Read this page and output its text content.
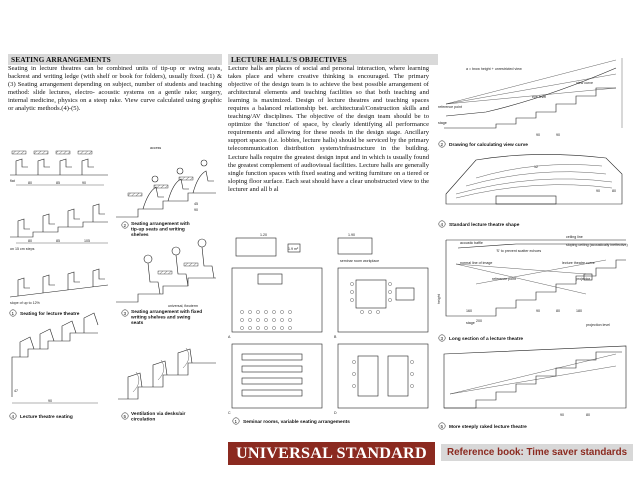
SEATING ARRANGEMENTS	LECTURE HALL'S OBJECTIVES
Seating in lecture theatres can be combined units of tip-up or swing seats, backrest and writing ledge (with shelf or book for folders), usually fixed. (1) & (3) Seating arrangement depending on subject, number of students and teaching method: slide lectures, electro- acoustic systems on a gentle rake; surgery, internal medicine, physics on a steep rake. View curve calculated using graphic or analytic methods.(4)-(5).
Lecture halls are places of social and personal interaction, where learning takes place and where creative thinking is encouraged. The primary objective of the design team is to achieve the best possible arrangement of architectural elements and teaching facilities so that both teaching and learning is maximized. Design of lecture theatres and teaching spaces requires a balanced relationship bet. architectural/Construction skills and teaching/AV disciplines. The objective of the design team should be to optimize the 'function' of space, by clearly identifying all performance requirements and allowing for these needs in the design stage. Ancillary support spaces (i.e. lobbies, lecture halls) should be serviced by the primary telecommunication distribution system/infrastructure in the building. Lecture halls require the greatest design input and in which is usually found the greatest complement of audiovisual facilities. Lecture halls are generally single function spaces with fixed seating and writing furniture on a tiered or sloping floor surface. Each seat should have a clear unobstructed view to the lecturer and all b al
flat	80	85	90
80	85	105
on 15 cm steps
slope of up to 12%
1 Seating for lecture theatre
access
45
90
2 Seating arrangement with tip-up seats and writing shelves
universal, fiwuterm
3 Seating arrangement with fixed writing shelves and swing seats
90
47
4 Lecture theatre seating	5 Ventilation via desks/air circulation
1.20	1.90
1.9 m²
seminar room workplace
A	B
C	D
1 Seminar rooms, variable seating arrangements
a = brow height + unrestricted view
view curve
eye level
reference point
stage
90	90
2 Drawing for calculating view curve
12
90	80
4 Standard lecture theatre shape
ceiling line
acoustic baffle	sloping ceiling (acoustically ineffective)
'S' to prevent scatter echoes
normal line of image	lecture theatre curve
projector
reference point
stage	projection level
height
160
200
90	80	180
3 Long section of a lecture theatre
90	80
5 More steeply raked lecture theatre
UNIVERSAL STANDARD	Reference book: Time saver standards
